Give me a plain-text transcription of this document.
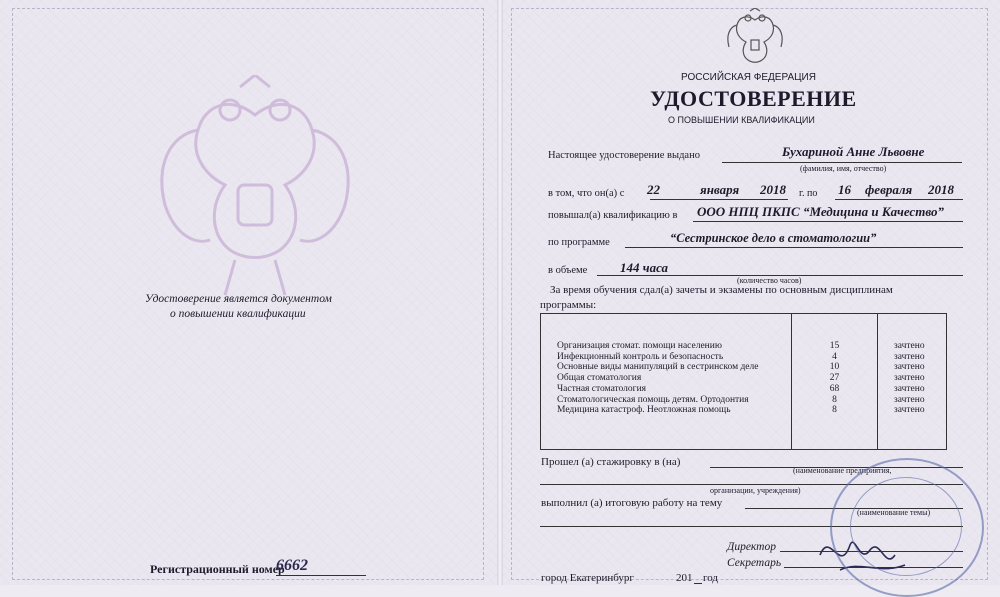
Удостоверение является документом
о повышении квалификации
Регистрационный номер
6662
РОССИЙСКАЯ ФЕДЕРАЦИЯ
УДОСТОВЕРЕНИЕ
О ПОВЫШЕНИИ КВАЛИФИКАЦИИ
Настоящее удостоверение выдано	Бухариной Анне Львовне
(фамилия, имя, отчество)
в том, что он(а) с 22	января 2018 г. по 16 февраля 2018
повышал(а) квалификацию в ООО НПЦ ПКПС “Медицина и Качество”
по программе	“Сестринское дело в стоматологии”
в объеме	144 часа
(количество часов)
За время обучения сдал(а) зачеты и экзамены по основным дисциплинам
программы:
Организация стомат. помощи населению	15	зачтено
Инфекционный контроль и безопасность	4	зачтено
Основные виды манипуляций в сестринском деле	10	зачтено
Общая стоматология	27	зачтено
Частная стоматология	68	зачтено
Стоматологическая помощь детям. Ортодонтия	8	зачтено
Медицина катастроф. Неотложная помощь	8	зачтено
Прошел (а) стажировку в (на)
(наименование предприятия,
организации, учреждения)
выполнил (а) итоговую работу на тему
(наименование темы)
Директор
Секретарь
город Екатеринбург	201 год
